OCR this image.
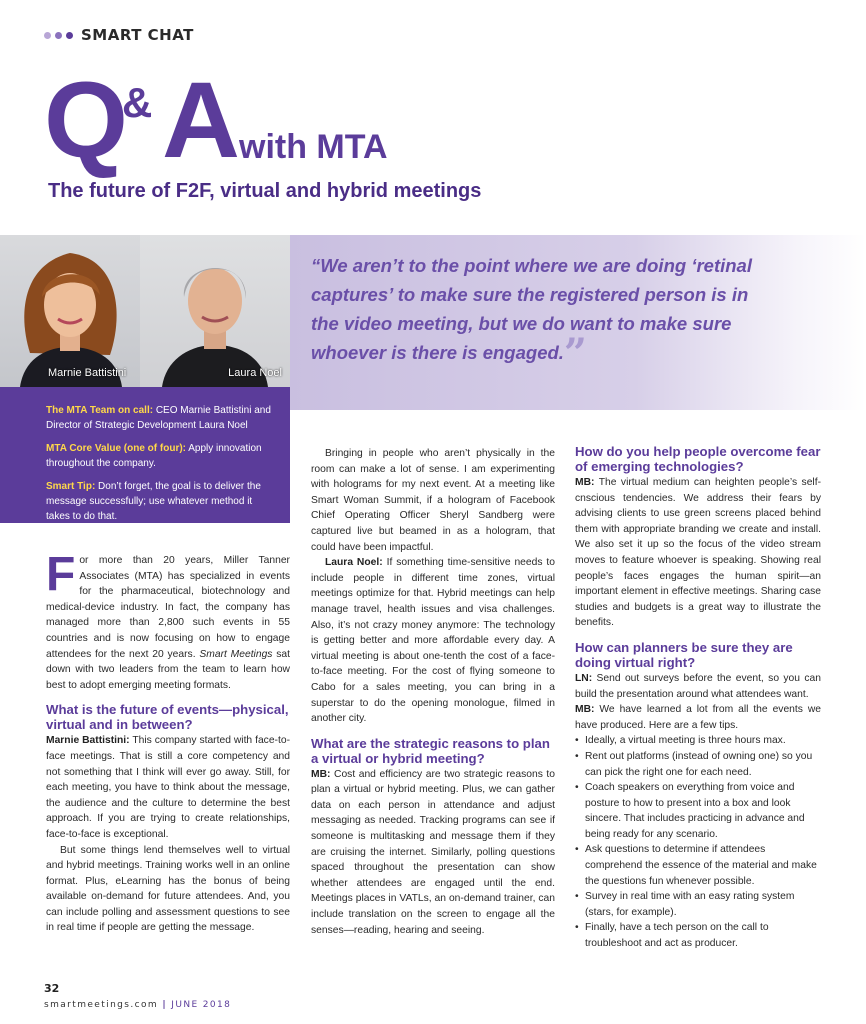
SMART CHAT
Q
& A with MTA
The future of F2F, virtual and hybrid meetings
Marnie Battistini	Laura Noel

“We aren’t to the point where we are doing ‘retinal captures’ to make sure the registered person is in the video meeting, but we do want to make sure whoever is there is engaged.”

The MTA Team on call: CEO Marnie Battistini and Director of Strategic Development Laura Noel

MTA Core Value (one of four): Apply innovation throughout the company.

Smart Tip: Don’t forget, the goal is to deliver the message successfully; use whatever method it takes to do that.

For more than 20 years, Miller Tanner Associates (MTA) has specialized in events for the pharmaceutical, biotechnology and medical-device industry. In fact, the company has managed more than 2,800 such events in 55 countries and is now focusing on how to engage attendees for the next 20 years. Smart Meetings sat down with two leaders from the team to learn how best to adopt emerging meeting formats.

What is the future of events—physical, virtual and in between?

Marnie Battistini: This company started with face-to-face meetings. That is still a core competency and not something that I think will ever go away. Still, for each meeting, you have to think about the message, the audience and the culture to determine the best approach. If you are trying to create relationships, face-to-face is exceptional.

But some things lend themselves well to virtual and hybrid meetings. Training works well in an online format. Plus, eLearning has the bonus of being available on-demand for future attendees. And, you can include polling and assessment questions to see in real time if people are getting the message.

Bringing in people who aren’t physically in the room can make a lot of sense. I am experimenting with holograms for my next event. At a meeting like Smart Woman Summit, if a hologram of Facebook Chief Operating Officer Sheryl Sandberg were captured live but beamed in as a hologram, that could have been impactful.

Laura Noel: If something time-sensitive needs to include people in different time zones, virtual meetings optimize for that. Hybrid meetings can help manage travel, health issues and visa challenges. Also, it’s not crazy money anymore: The technology is getting better and more affordable every day. A virtual meeting is about one-tenth the cost of a face-to-face meeting. For the cost of flying someone to Cabo for a sales meeting, you can bring in a superstar to do the opening monologue, filmed in another city.

What are the strategic reasons to plan a virtual or hybrid meeting?

MB: Cost and efficiency are two strategic reasons to plan a virtual or hybrid meeting. Plus, we can gather data on each person in attendance and adjust messaging as needed. Tracking programs can see if someone is multitasking and message them if they are cruising the internet. Similarly, polling questions spaced throughout the presentation can show whether attendees are engaged until the end. Meetings places in VATLs, an on-demand trainer, can include translation on the screen to engage all the senses—reading, hearing and seeing.

How do you help people overcome fear of emerging technologies?

MB: The virtual medium can heighten people’s self-cnscious tendencies. We address their fears by advising clients to use green screens placed behind them with appropriate branding we create and install. We also set it up so the focus of the video stream moves to feature whoever is speaking. Showing real people’s faces engages the human spirit—an important element in effective meetings. Sharing case studies and budgets is a great way to illustrate the benefits.

How can planners be sure they are doing virtual right?

LN: Send out surveys before the event, so you can build the presentation around what attendees want.

MB: We have learned a lot from all the events we have produced. Here are a few tips.

• Ideally, a virtual meeting is three hours max.
• Rent out platforms (instead of owning one) so you can pick the right one for each need.
• Coach speakers on everything from voice and posture to how to present into a box and look sincere. That includes practicing in advance and being ready for any scenario.
• Ask questions to determine if attendees comprehend the essence of the material and make the questions fun whenever possible.
• Survey in real time with an easy rating system (stars, for example).
• Finally, have a tech person on the call to troubleshoot and act as producer.
32
smartmeetings.com | JUNE 2018
